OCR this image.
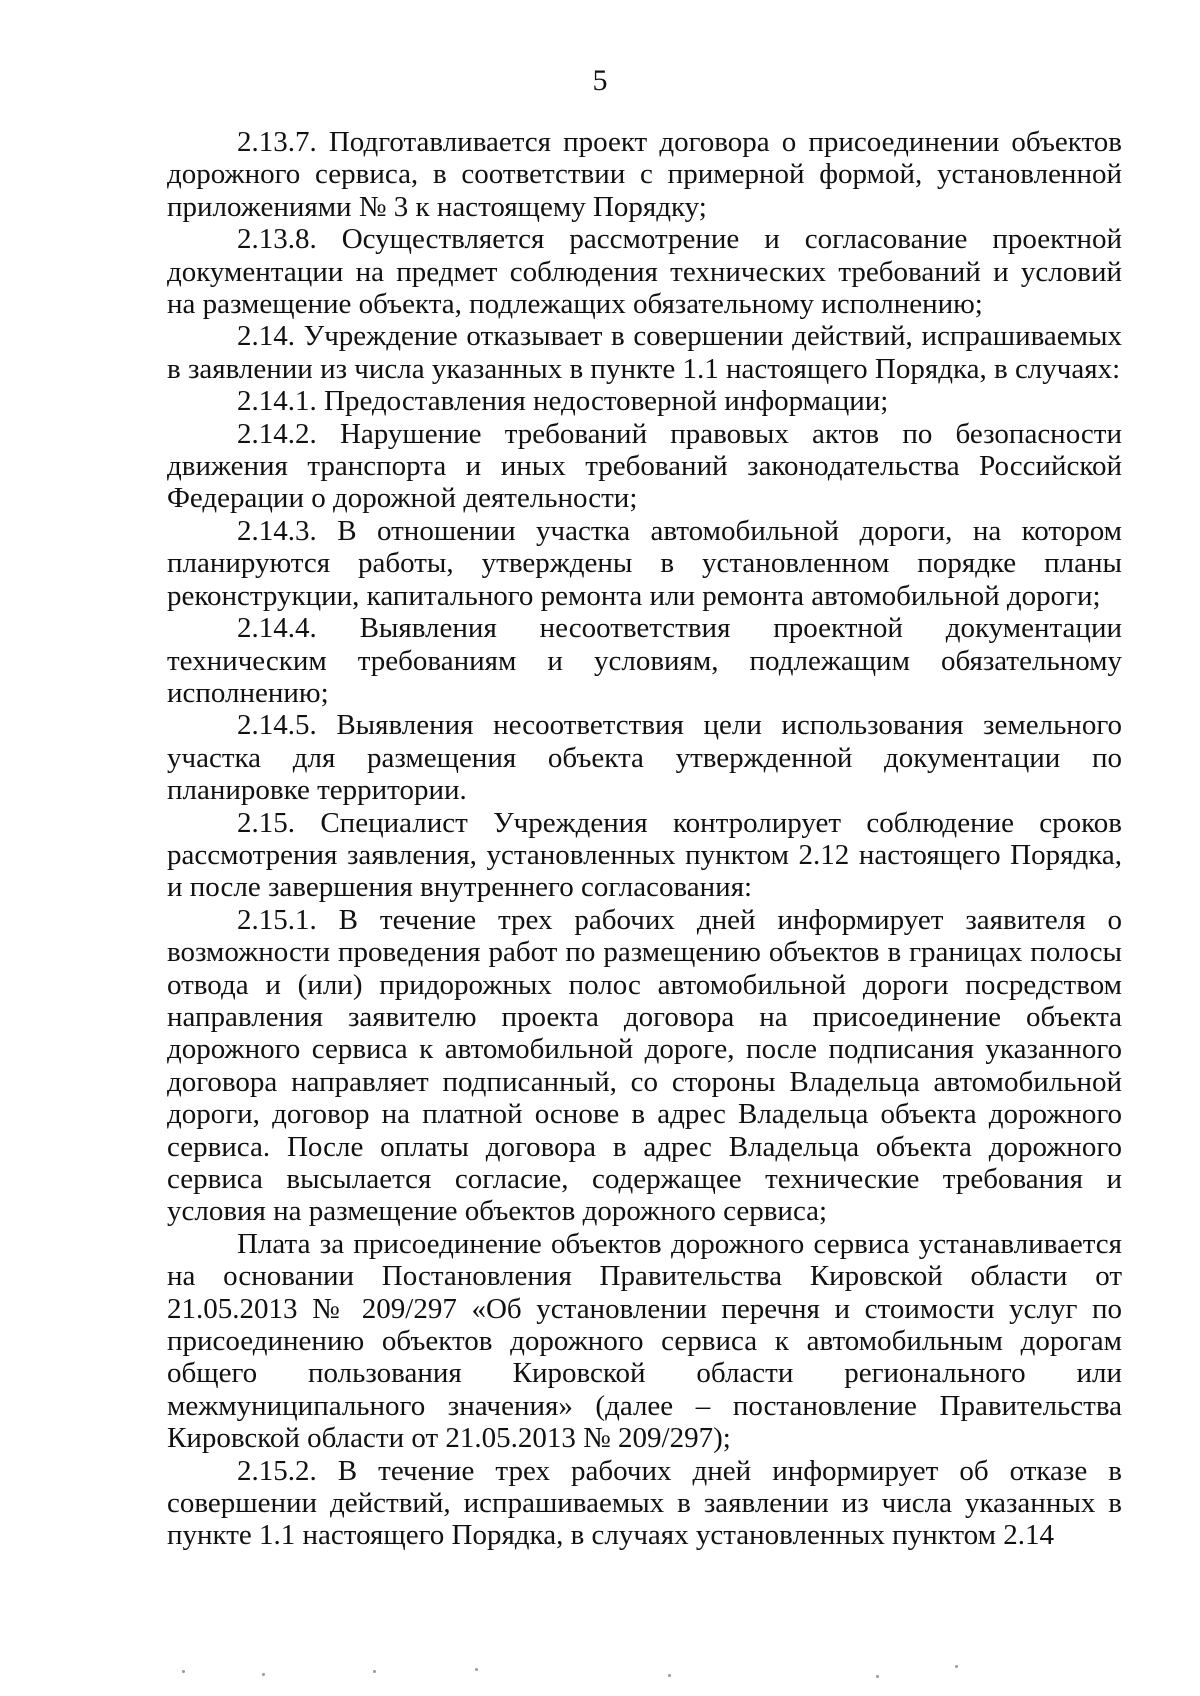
5

2.13.7. Подготавливается проект договора о присоединении объектов дорожного сервиса, в соответствии с примерной формой, установленной приложениями № 3 к настоящему Порядку;

2.13.8. Осуществляется рассмотрение и согласование проектной документации на предмет соблюдения технических требований и условий на размещение объекта, подлежащих обязательному исполнению;

2.14. Учреждение отказывает в совершении действий, испрашиваемых в заявлении из числа указанных в пункте 1.1 настоящего Порядка, в случаях:

2.14.1. Предоставления недостоверной информации;

2.14.2. Нарушение требований правовых актов по безопасности движения транспорта и иных требований законодательства Российской Федерации о дорожной деятельности;

2.14.3. В отношении участка автомобильной дороги, на котором планируются работы, утверждены в установленном порядке планы реконструкции, капитального ремонта или ремонта автомобильной дороги;

2.14.4. Выявления несоответствия проектной документации техническим требованиям и условиям, подлежащим обязательному исполнению;

2.14.5. Выявления несоответствия цели использования земельного участка для размещения объекта утвержденной документации по планировке территории.

2.15. Специалист Учреждения контролирует соблюдение сроков рассмотрения заявления, установленных пунктом 2.12 настоящего Порядка, и после завершения внутреннего согласования:

2.15.1. В течение трех рабочих дней информирует заявителя о возможности проведения работ по размещению объектов в границах полосы отвода и (или) придорожных полос автомобильной дороги посредством направления заявителю проекта договора на присоединение объекта дорожного сервиса к автомобильной дороге, после подписания указанного договора направляет подписанный, со стороны Владельца автомобильной дороги, договор на платной основе в адрес Владельца объекта дорожного сервиса. После оплаты договора в адрес Владельца объекта дорожного сервиса высылается согласие, содержащее технические требования и условия на размещение объектов дорожного сервиса;

Плата за присоединение объектов дорожного сервиса устанавливается на основании Постановления Правительства Кировской области от 21.05.2013 № 209/297 «Об установлении перечня и стоимости услуг по присоединению объектов дорожного сервиса к автомобильным дорогам общего пользования Кировской области регионального или межмуниципального значения» (далее – постановление Правительства Кировской области от 21.05.2013 № 209/297);

2.15.2. В течение трех рабочих дней информирует об отказе в совершении действий, испрашиваемых в заявлении из числа указанных в пункте 1.1 настоящего Порядка, в случаях установленных пунктом 2.14
